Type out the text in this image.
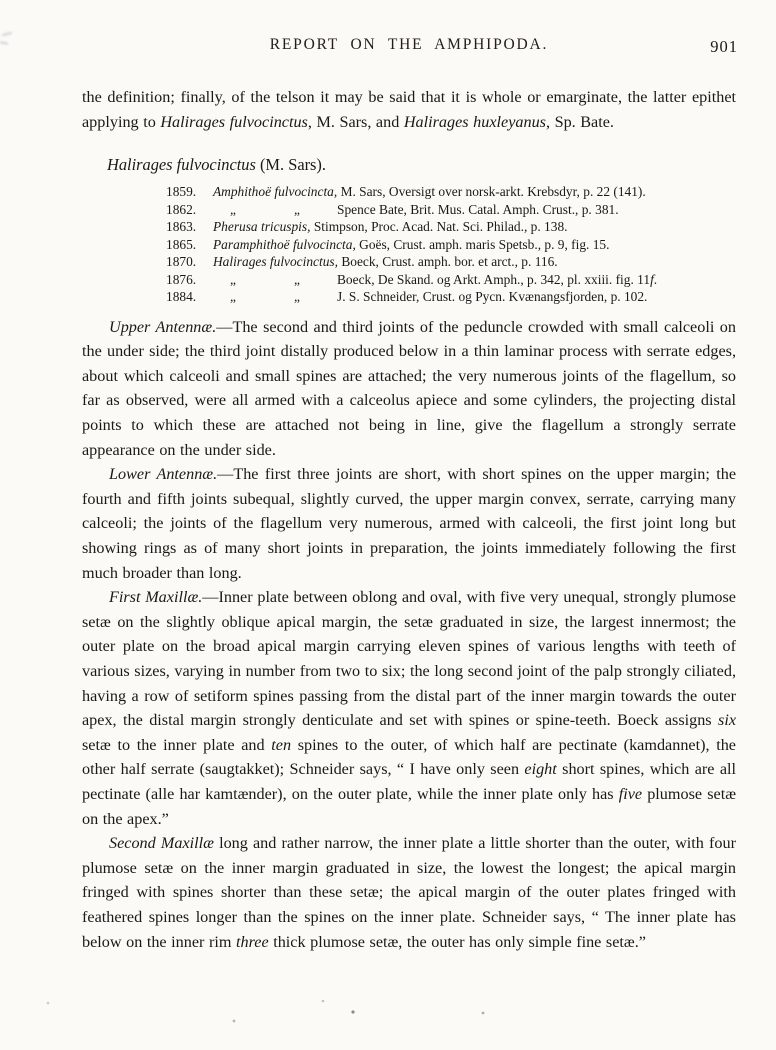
REPORT ON THE AMPHIPODA.	901

the definition; finally, of the telson it may be said that it is whole or emarginate, the latter epithet applying to Halirages fulvocinctus, M. Sars, and Halirages huxleyanus, Sp. Bate.

Halirages fulvocinctus (M. Sars).
1859.	Amphithoë fulvocincta, M. Sars, Oversigt over norsk-arkt. Krebsdyr, p. 22 (141).
1862.	„	„	Spence Bate, Brit. Mus. Catal. Amph. Crust., p. 381.
1863.	Pherusa tricuspis, Stimpson, Proc. Acad. Nat. Sci. Philad., p. 138.
1865.	Paramphithoë fulvocincta, Goës, Crust. amph. maris Spetsb., p. 9, fig. 15.
1870.	Halirages fulvocinctus, Boeck, Crust. amph. bor. et arct., p. 116.
1876.	„	„	Boeck, De Skand. og Arkt. Amph., p. 342, pl. xxiii. fig. 11f.
1884.	„	„	J. S. Schneider, Crust. og Pycn. Kvænangsfjorden, p. 102.

Upper Antennæ.—The second and third joints of the peduncle crowded with small calceoli on the under side; the third joint distally produced below in a thin laminar process with serrate edges, about which calceoli and small spines are attached; the very numerous joints of the flagellum, so far as observed, were all armed with a calceolus apiece and some cylinders, the projecting distal points to which these are attached not being in line, give the flagellum a strongly serrate appearance on the under side.

Lower Antennæ.—The first three joints are short, with short spines on the upper margin; the fourth and fifth joints subequal, slightly curved, the upper margin convex, serrate, carrying many calceoli; the joints of the flagellum very numerous, armed with calceoli, the first joint long but showing rings as of many short joints in preparation, the joints immediately following the first much broader than long.

First Maxillæ.—Inner plate between oblong and oval, with five very unequal, strongly plumose setæ on the slightly oblique apical margin, the setæ graduated in size, the largest innermost; the outer plate on the broad apical margin carrying eleven spines of various lengths with teeth of various sizes, varying in number from two to six; the long second joint of the palp strongly ciliated, having a row of setiform spines passing from the distal part of the inner margin towards the outer apex, the distal margin strongly denticulate and set with spines or spine-teeth. Boeck assigns six setæ to the inner plate and ten spines to the outer, of which half are pectinate (kamdannet), the other half serrate (saugtakket); Schneider says, “ I have only seen eight short spines, which are all pectinate (alle har kamtænder), on the outer plate, while the inner plate only has five plumose setæ on the apex.”

Second Maxillæ long and rather narrow, the inner plate a little shorter than the outer, with four plumose setæ on the inner margin graduated in size, the lowest the longest; the apical margin fringed with spines shorter than these setæ; the apical margin of the outer plates fringed with feathered spines longer than the spines on the inner plate. Schneider says, “ The inner plate has below on the inner rim three thick plumose setæ, the outer has only simple fine setæ.”
